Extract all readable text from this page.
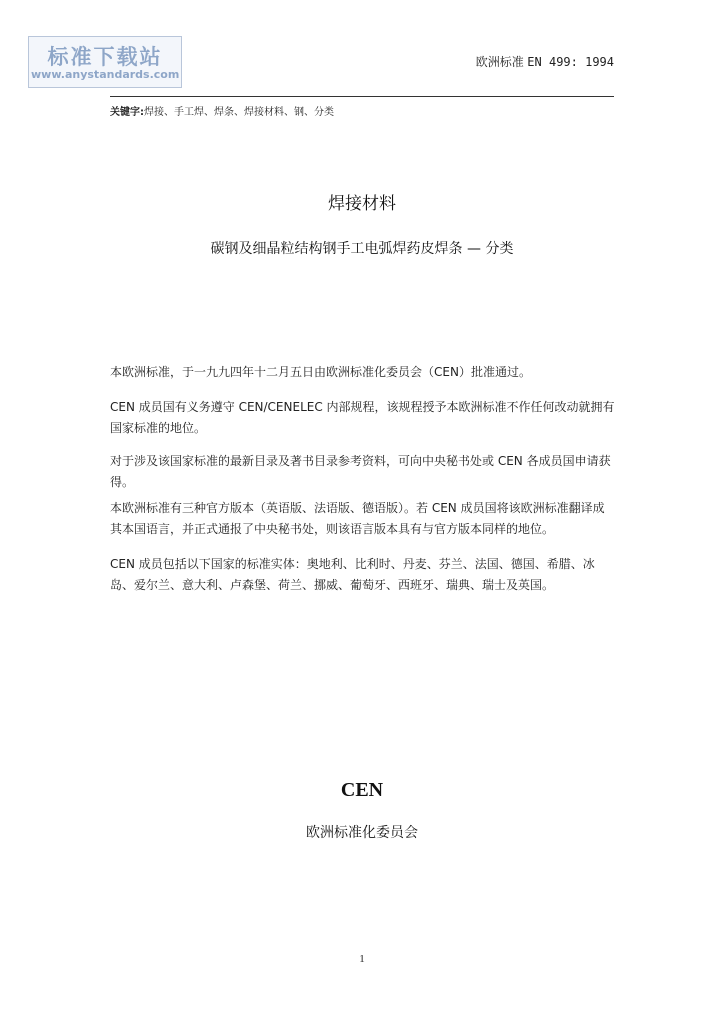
标准下载站
www.anystandards.com
欧洲标准 EN 499: 1994
关键字:焊接、手工焊、焊条、焊接材料、钢、分类
焊接材料
碳钢及细晶粒结构钢手工电弧焊药皮焊条 — 分类

本欧洲标准，于一九九四年十二月五日由欧洲标准化委员会（CEN）批准通过。

CEN 成员国有义务遵守 CEN/CENELEC 内部规程，该规程授予本欧洲标准不作任何改动就拥有国家标准的地位。

对于涉及该国家标准的最新目录及著书目录参考资料，可向中央秘书处或 CEN 各成员国申请获得。

本欧洲标准有三种官方版本（英语版、法语版、德语版）。若 CEN 成员国将该欧洲标准翻译成其本国语言，并正式通报了中央秘书处，则该语言版本具有与官方版本同样的地位。

CEN 成员包括以下国家的标准实体：奥地利、比利时、丹麦、芬兰、法国、德国、希腊、冰岛、爱尔兰、意大利、卢森堡、荷兰、挪威、葡萄牙、西班牙、瑞典、瑞士及英国。

CEN
欧洲标准化委员会
1
